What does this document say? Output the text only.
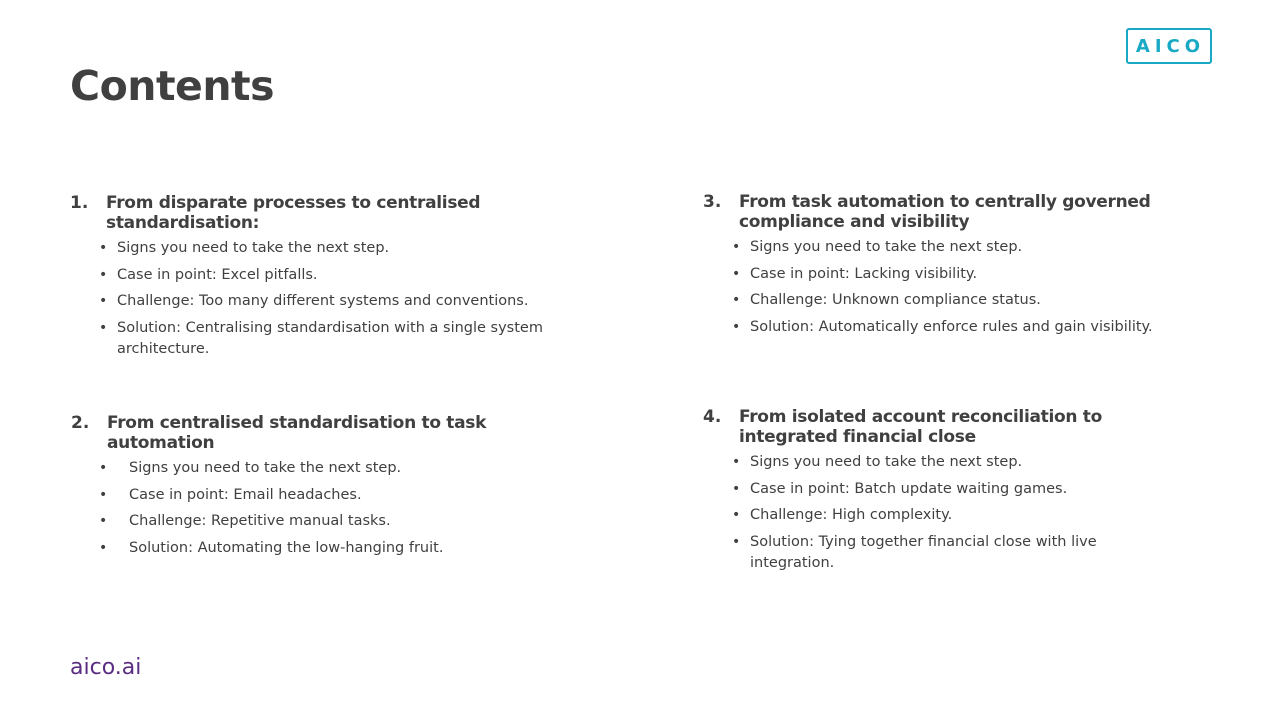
Contents
AICO
1.	From disparate processes to centralised
standardisation:
• Signs you need to take the next step.
• Case in point: Excel pitfalls.
• Challenge: Too many different systems and conventions.
• Solution: Centralising standardisation with a single system architecture.
2.	From centralised standardisation to task
automation
• Signs you need to take the next step.
• Case in point: Email headaches.
• Challenge: Repetitive manual tasks.
• Solution: Automating the low-hanging fruit.
3.	From task automation to centrally governed
compliance and visibility
• Signs you need to take the next step.
• Case in point: Lacking visibility.
• Challenge: Unknown compliance status.
• Solution: Automatically enforce rules and gain visibility.
4.	From isolated account reconciliation to
integrated financial close
• Signs you need to take the next step.
• Case in point: Batch update waiting games.
• Challenge: High complexity.
• Solution: Tying together financial close with live integration.
aico.ai
